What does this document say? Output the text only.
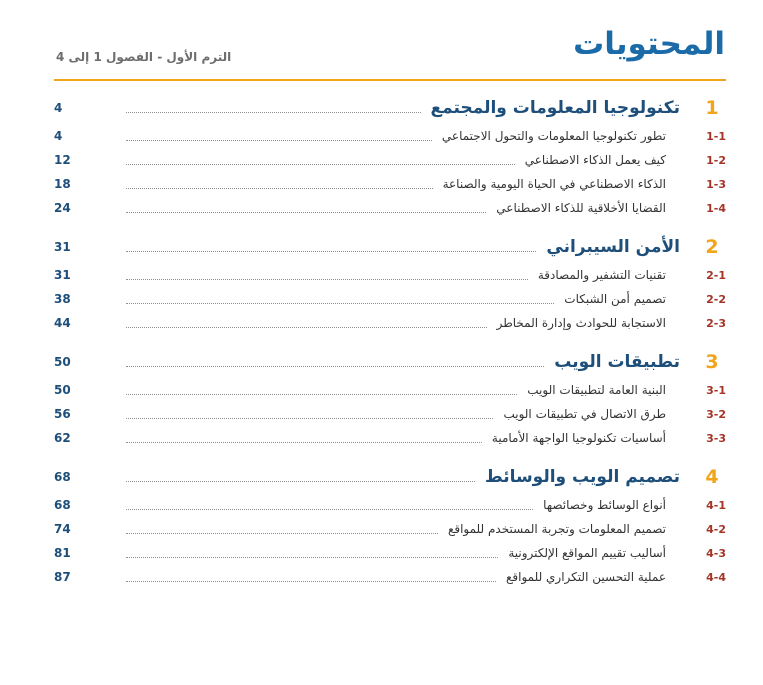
المحتويات
الترم الأول - الفصول 1 إلى 4
1
تكنولوجيا المعلومات والمجتمع
4
1-1
تطور تكنولوجيا المعلومات والتحول الاجتماعي
4
1-2
كيف يعمل الذكاء الاصطناعي
12
1-3
الذكاء الاصطناعي في الحياة اليومية والصناعة
18
1-4
القضايا الأخلاقية للذكاء الاصطناعي
24
2
الأمن السيبراني
31
2-1
تقنيات التشفير والمصادقة
31
2-2
تصميم أمن الشبكات
38
2-3
الاستجابة للحوادث وإدارة المخاطر
44
3
تطبيقات الويب
50
3-1
البنية العامة لتطبيقات الويب
50
3-2
طرق الاتصال في تطبيقات الويب
56
3-3
أساسيات تكنولوجيا الواجهة الأمامية
62
4
تصميم الويب والوسائط
68
4-1
أنواع الوسائط وخصائصها
68
4-2
تصميم المعلومات وتجربة المستخدم للمواقع
74
4-3
أساليب تقييم المواقع الإلكترونية
81
4-4
عملية التحسين التكراري للمواقع
87
